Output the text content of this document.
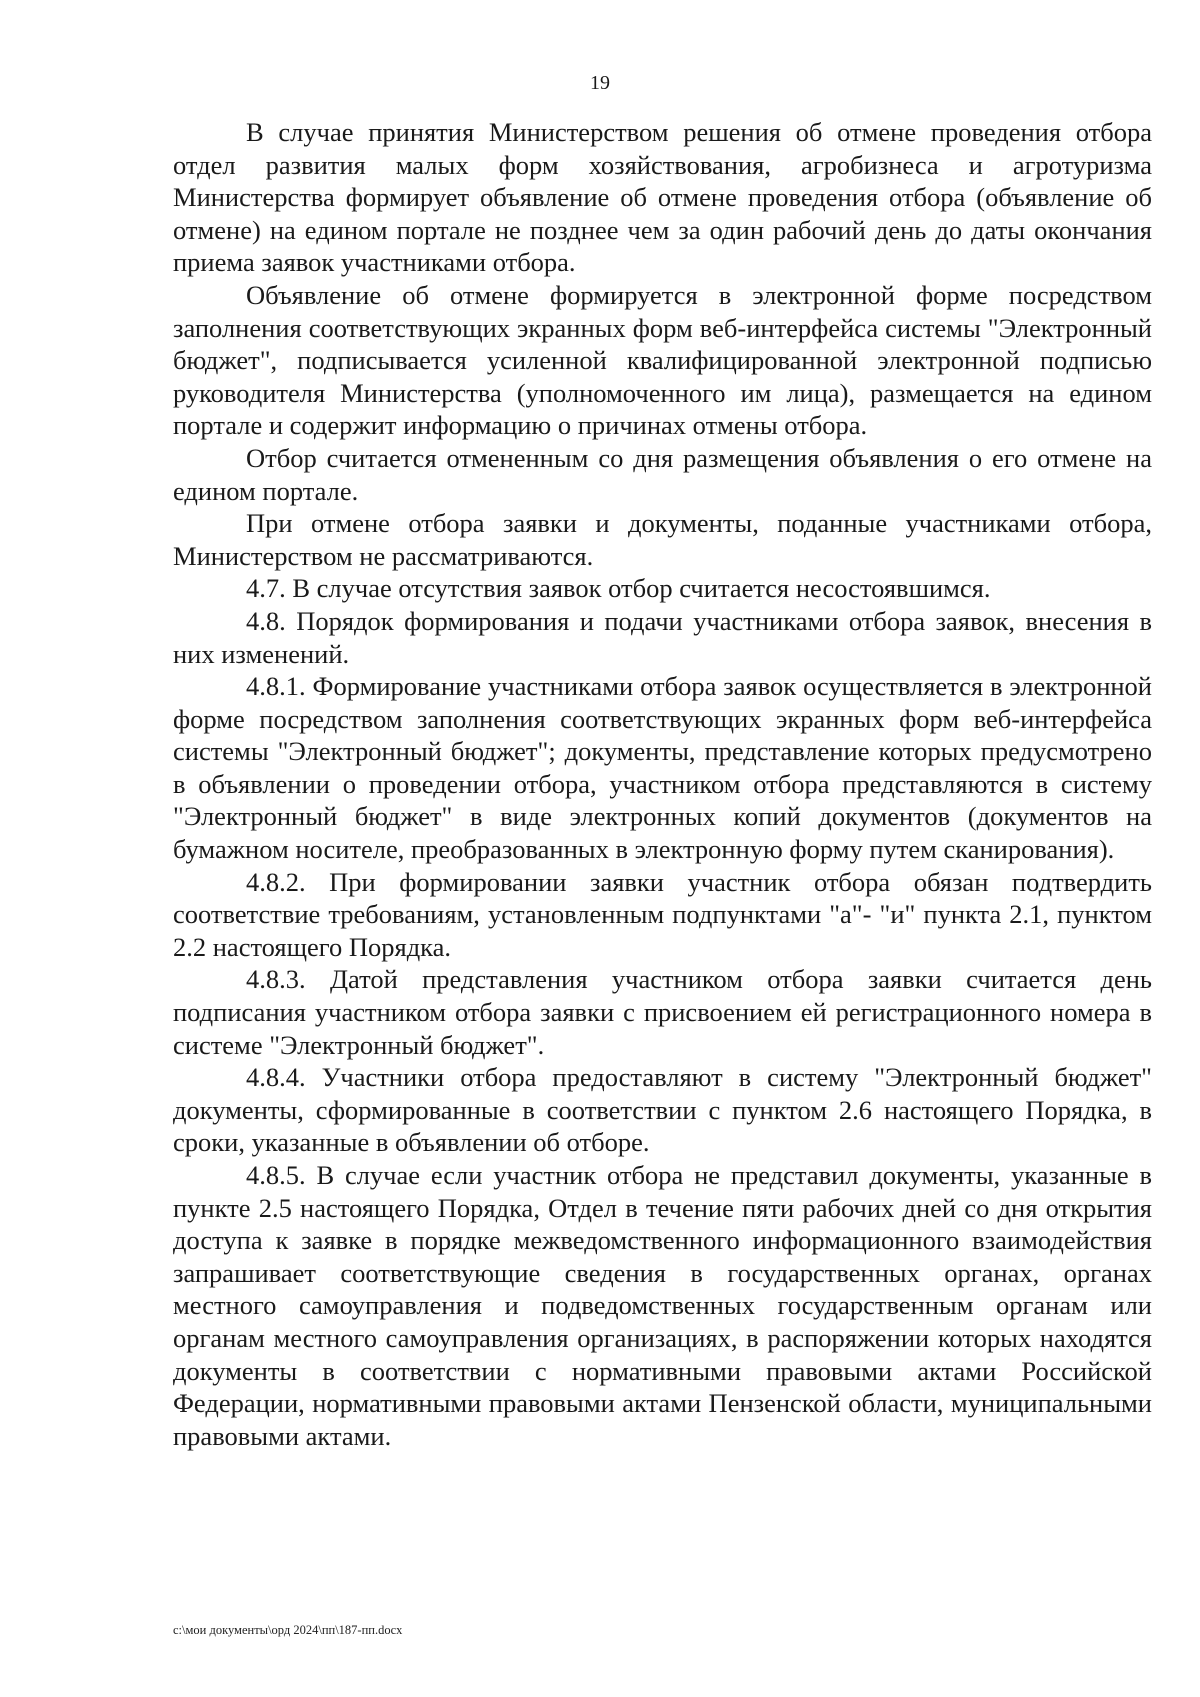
19

В случае принятия Министерством решения об отмене проведения отбора отдел развития малых форм хозяйствования, агробизнеса и агротуризма Министерства формирует объявление об отмене проведения отбора (объявление об отмене) на едином портале не позднее чем за один рабочий день до даты окончания приема заявок участниками отбора.

Объявление об отмене формируется в электронной форме посредством заполнения соответствующих экранных форм веб-интерфейса системы "Электронный бюджет", подписывается усиленной квалифицированной электронной подписью руководителя Министерства (уполномоченного им лица), размещается на едином портале и содержит информацию о причинах отмены отбора.

Отбор считается отмененным со дня размещения объявления о его отмене на едином портале.

При отмене отбора заявки и документы, поданные участниками отбора, Министерством не рассматриваются.

4.7. В случае отсутствия заявок отбор считается несостоявшимся.

4.8. Порядок формирования и подачи участниками отбора заявок, внесения в них изменений.

4.8.1. Формирование участниками отбора заявок осуществляется в электронной форме посредством заполнения соответствующих экранных форм веб-интерфейса системы "Электронный бюджет"; документы, представление которых предусмотрено в объявлении о проведении отбора, участником отбора представляются в систему "Электронный бюджет" в виде электронных копий документов (документов на бумажном носителе, преобразованных в электронную форму путем сканирования).

4.8.2. При формировании заявки участник отбора обязан подтвердить соответствие требованиям, установленным подпунктами "а"- "и" пункта 2.1, пунктом 2.2 настоящего Порядка.

4.8.3. Датой представления участником отбора заявки считается день подписания участником отбора заявки с присвоением ей регистрационного номера в системе "Электронный бюджет".

4.8.4. Участники отбора предоставляют в систему "Электронный бюджет" документы, сформированные в соответствии с пунктом 2.6 настоящего Порядка, в сроки, указанные в объявлении об отборе.

4.8.5. В случае если участник отбора не представил документы, указанные в пункте 2.5 настоящего Порядка, Отдел в течение пяти рабочих дней со дня открытия доступа к заявке в порядке межведомственного информационного взаимодействия запрашивает соответствующие сведения в государственных органах, органах местного самоуправления и подведомственных государственным органам или органам местного самоуправления организациях, в распоряжении которых находятся документы в соответствии с нормативными правовыми актами Российской Федерации, нормативными правовыми актами Пензенской области, муниципальными правовыми актами.

c:\мои документы\орд 2024\пп\187-пп.docx
